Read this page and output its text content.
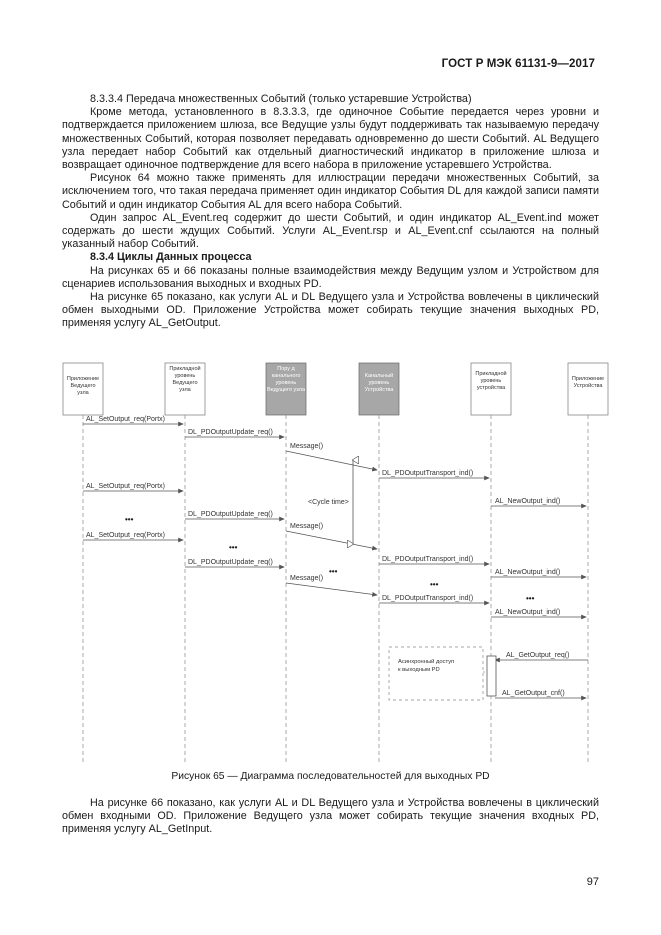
ГОСТ Р МЭК 61131-9—2017

8.3.3.4 Передача множественных Событий (только устаревшие Устройства)

Кроме метода, установленного в 8.3.3.3, где одиночное Событие передается через уровни и подтверждается приложением шлюза, все Ведущие узлы будут поддерживать так называемую передачу множественных Событий, которая позволяет передавать одновременно до шести Событий. AL Ведущего узла передает набор Событий как отдельный диагностический индикатор в приложение шлюза и возвращает одиночное подтверждение для всего набора в приложение устаревшего Устройства.

Рисунок 64 можно также применять для иллюстрации передачи множественных Событий, за исключением того, что такая передача применяет один индикатор События DL для каждой записи памяти Событий и один индикатор События AL для всего набора Событий.

Один запрос AL_Event.req содержит до шести Событий, и один индикатор AL_Event.ind может содержать до шести ждущих Событий. Услуги AL_Event.rsp и AL_Event.cnf ссылаются на полный указанный набор Событий.

8.3.4 Циклы Данных процесса

На рисунках 65 и 66 показаны полные взаимодействия между Ведущим узлом и Устройством для сценариев использования выходных и входных PD.

На рисунке 65 показано, как услуги AL и DL Ведущего узла и Устройства вовлечены в циклический обмен выходными OD. Приложение Устройства может собирать текущие значения выходных PD, применяя услугу AL_GetOutput.

Приложение
Ведущего
узла
Прикладной
уровень
Ведущего
узла
Пору д
канального
уровень
Ведущего узла
Канальный
уровень
Устройства
Прикладной
уровень
устройства
Приложение
Устройства
AL_SetOutput_req(Portx)
DL_PDOutputUpdate_req()
Message()
DL_PDOutputTransport_ind()
AL_SetOutput_req(Portx)
AL_NewOutput_ind()
DL_PDOutputUpdate_req()
Message()
AL_SetOutput_req(Portx)
DL_PDOutputUpdate_req()	DL_PDOutputTransport_ind()
Message()
AL_NewOutput_ind()
DL_PDOutputTransport_ind()
AL_NewOutput_ind()
AL_GetOutput_req()
AL_GetOutput_cnf()
<Cycle time>
Асинхронный доступ
к выходным PD
•••
•••
•••
•••
•••
Рисунок 65 — Диаграмма последовательностей для выходных PD

На рисунке 66 показано, как услуги AL и DL Ведущего узла и Устройства вовлечены в циклический обмен входными OD. Приложение Ведущего узла может собирать текущие значения входных PD, применяя услугу AL_GetInput.

97
